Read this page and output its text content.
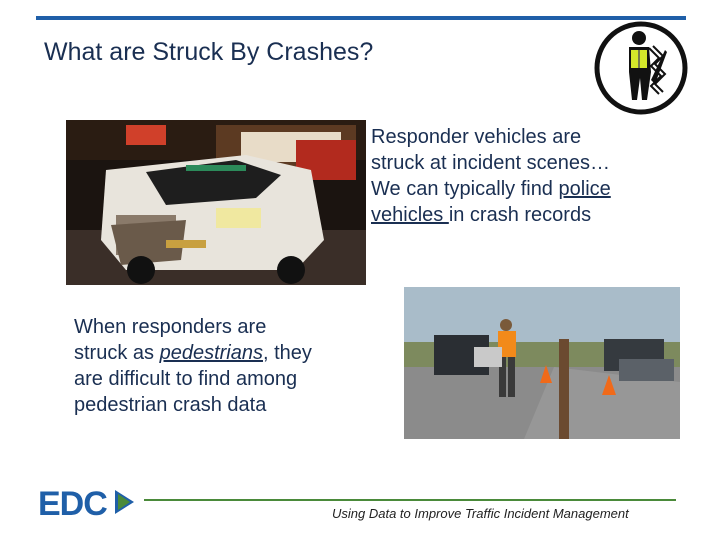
What are Struck By Crashes?
Responder vehicles are
struck at incident scenes…
We can typically find police
vehicles in crash records
When responders are
struck as pedestrians, they
are difficult to find among
pedestrian crash data
EDC	Using Data to Improve Traffic Incident Management
